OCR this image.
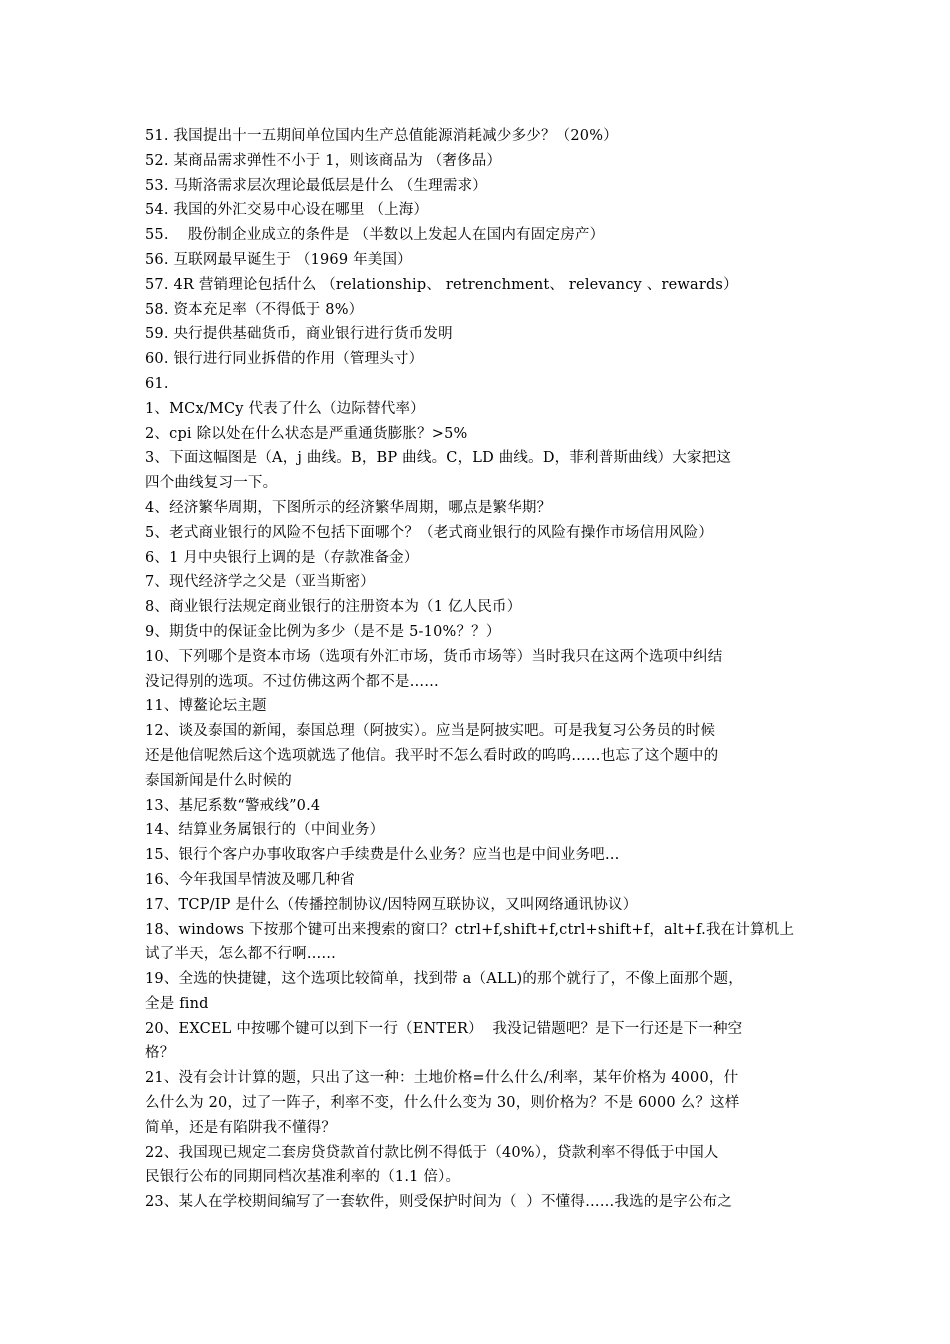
51. 我国提出十一五期间单位国内生产总值能源消耗减少多少？（20%）
52. 某商品需求弹性不小于 1，则该商品为 （奢侈品）
53. 马斯洛需求层次理论最低层是什么 （生理需求）
54. 我国的外汇交易中心设在哪里 （上海）
55.    股份制企业成立的条件是 （半数以上发起人在国内有固定房产）
56. 互联网最早诞生于 （1969 年美国）
57. 4R 营销理论包括什么 （relationship、 retrenchment、 relevancy 、rewards）
58. 资本充足率（不得低于 8%）
59. 央行提供基础货币，商业银行进行货币发明
60. 银行进行同业拆借的作用（管理头寸）
61.
1、MCx/MCy 代表了什么（边际替代率）
2、cpi 除以处在什么状态是严重通货膨胀？>5%
3、下面这幅图是（A，j 曲线。B，BP 曲线。C，LD 曲线。D，菲利普斯曲线）大家把这
四个曲线复习一下。
4、经济繁华周期，下图所示的经济繁华周期，哪点是繁华期？
5、老式商业银行的风险不包括下面哪个？（老式商业银行的风险有操作市场信用风险）
6、1 月中央银行上调的是（存款准备金）
7、现代经济学之父是（亚当斯密）
8、商业银行法规定商业银行的注册资本为（1 亿人民币）
9、期货中的保证金比例为多少（是不是 5-10%？？）
10、下列哪个是资本市场（选项有外汇市场，货币市场等）当时我只在这两个选项中纠结
没记得别的选项。不过仿佛这两个都不是……
11、博鳌论坛主题
12、谈及泰国的新闻，泰国总理（阿披实）。应当是阿披实吧。可是我复习公务员的时候
还是他信呢然后这个选项就选了他信。我平时不怎么看时政的呜呜……也忘了这个题中的
泰国新闻是什么时候的
13、基尼系数“警戒线”0.4
14、结算业务属银行的（中间业务）
15、银行个客户办事收取客户手续费是什么业务？应当也是中间业务吧…
16、今年我国旱情波及哪几种省
17、TCP/IP 是什么（传播控制协议/因特网互联协议，又叫网络通讯协议）
18、windows 下按那个键可出来搜索的窗口？ctrl+f,shift+f,ctrl+shift+f，alt+f.我在计算机上
试了半天，怎么都不行啊……
19、全选的快捷键，这个选项比较简单，找到带 a（ALL)的那个就行了，不像上面那个题，
全是 find
20、EXCEL 中按哪个键可以到下一行（ENTER）  我没记错题吧？是下一行还是下一种空
格？
21、没有会计计算的题，只出了这一种：土地价格=什么什么/利率，某年价格为 4000，什
么什么为 20，过了一阵子，利率不变，什么什么变为 30，则价格为？不是 6000 么？这样
简单，还是有陷阱我不懂得？
22、我国现已规定二套房贷贷款首付款比例不得低于（40%），贷款利率不得低于中国人
民银行公布的同期同档次基准利率的（1.1 倍）。
23、某人在学校期间编写了一套软件，则受保护时间为（  ）不懂得……我选的是字公布之
